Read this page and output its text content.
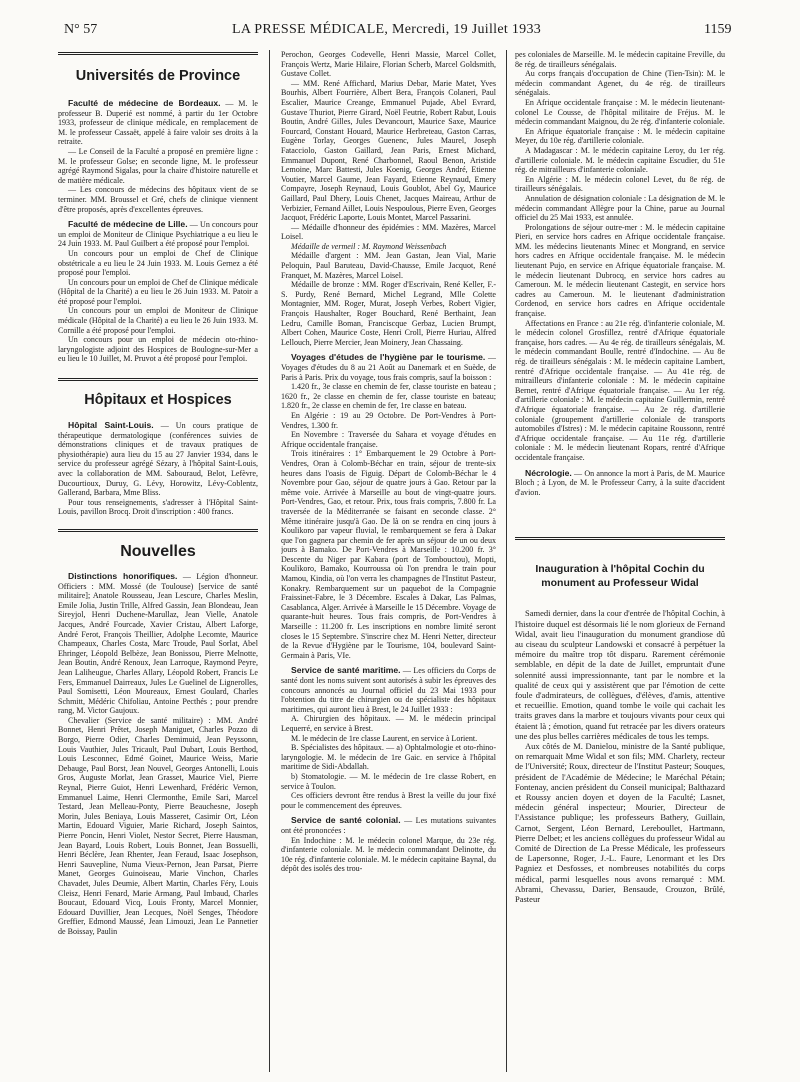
N° 57	LA PRESSE MÉDICALE, Mercredi, 19 Juillet 1933	1159

Universités de Province

Faculté de médecine de Bordeaux. — M. le professeur B. Duperié est nommé, à partir du 1er Octobre 1933, professeur de clinique médicale, en remplacement de M. le professeur Cassaët, appelé à faire valoir ses droits à la retraite.

— Le Conseil de la Faculté a proposé en première ligne : M. le professeur Golse; en seconde ligne, M. le professeur agrégé Raymond Sigalas, pour la chaire d'histoire naturelle et de matière médicale.

— Les concours de médecins des hôpitaux vient de se terminer. MM. Broussel et Gré, chefs de clinique viennent d'être proposés, après d'excellentes épreuves.

Faculté de médecine de Lille. — Un concours pour un emploi de Moniteur de Clinique Psychiatrique a eu lieu le 24 Juin 1933. M. Paul Guilbert a été proposé pour l'emploi.

Un concours pour un emploi de Chef de Clinique obstétricale a eu lieu le 24 Juin 1933. M. Louis Gernez a été proposé pour l'emploi.

Un concours pour un emploi de Chef de Clinique médicale (Hôpital de la Charité) a eu lieu le 26 Juin 1933. M. Patoir a été proposé pour l'emploi.

Un concours pour un emploi de Moniteur de Clinique médicale (Hôpital de la Charité) a eu lieu le 26 Juin 1933. M. Cornille a été proposé pour l'emploi.

Un concours pour un emploi de médecin oto-rhino-laryngologiste adjoint des Hospices de Boulogne-sur-Mer a eu lieu le 10 Juillet, M. Pruvot a été proposé pour l'emploi.

Hôpitaux et Hospices

Hôpital Saint-Louis. — Un cours pratique de thérapeutique dermatologique (conférences suivies de démonstrations cliniques et de travaux pratiques de physiothérapie) aura lieu du 15 au 27 Janvier 1934, dans le service du professeur agrégé Sézary, à l'hôpital Saint-Louis, avec la collaboration de MM. Sabouraud, Belot, Lefèvre, Ducourtioux, Duruy, G. Lévy, Horowitz, Lévy-Coblentz, Gallerand, Barbara, Mme Bliss.

Pour tous renseignements, s'adresser à l'Hôpital Saint-Louis, pavillon Brocq. Droit d'inscription : 400 francs.

Nouvelles

Distinctions honorifiques. — Légion d'honneur. Officiers : MM. Mossé (de Toulouse) [service de santé militaire]; Anatole Rousseau, Jean Lescure, Charles Meslin, Emile Jolia, Justin Trille, Alfred Gassin, Jean Blondeau, Jean Sireyjol, Henri Duchene-Marullaz, Jean Vielle, Anatole Jacques, André Fourcade, Xavier Cristau, Albert Laforge, André Ferot, François Theillier, Adolphe Lecomte, Maurice Champeaux, Charles Costa, Marc Troude, Paul Sorlat, Abel Ehringer, Léopold Belbèze, Jean Bonissou, Pierre Melnotte, Jean Boutin, André Renoux, Jean Larroque, Raymond Peyre, Jean Laliheugue, Charles Allary, Léopold Robert, Francis Le Fers, Emmanuel Dairreaux, Jules Le Guelinel de Lignerolles, Paul Somisetti, Léon Moureaux, Ernest Goulard, Charles Schmitt, Médéric Chifoliau, Antoine Pecthés ; pour prendre rang, M. Victor Gaujoux.

Chevalier (Service de santé militaire) : MM. André Bonnet, Henri Prêtet, Joseph Maniguet, Charles Pozzo di Borgo, Pierre Odier, Charles Demimuid, Jean Peyssonn, Louis Vauthier, Jules Tricault, Paul Dubart, Louis Berthod, Louis Lesconnec, Edmé Goinet, Maurice Weiss, Marie Debauge, Paul Borst, Jean Nouvel, Georges Antonelli, Louis Gros, Auguste Morlat, Jean Grasset, Maurice Viel, Pierre Reynal, Pierre Guiot, Henri Lewenhard, Frédéric Vernon, Emmanuel Laime, Henri Clermonthe, Emile Sari, Marcel Testard, Jean Melleau-Ponty, Pierre Beauchesne, Joseph Morin, Jules Beniaya, Louis Masseret, Casimir Ort, Léon Martin, Edouard Viguier, Marie Richard, Joseph Saintos, Pierre Poncin, Henri Violet, Nestor Secret, Pierre Hausman, Jean Bayard, Louis Robert, Louis Bonnet, Jean Bossuelli, Henri Béclère, Jean Rhenter, Jean Feraud, Isaac Josephson, Henri Sauvepline, Numa Vieux-Pernon, Jean Parsat, Pierre Manet, Georges Guinoiseau, Marie Vinchon, Charles Chavadet, Jules Deumie, Albert Martin, Charles Féry, Louis Cleisz, Henri Fenard, Marie Armang, Paul Imbaud, Charles Boucaut, Edouard Vicq, Louis Fronty, Marcel Monnier, Edouard Duvillier, Jean Lecques, Noël Senges, Théodore Greffier, Edmond Maussé, Jean Limouzi, Jean Le Pannetier de Boissay, Paulin

Perochon, Georges Codevelle, Henri Massie, Marcel Collet, François Wertz, Marie Hilaire, Florian Scherb, Marcel Goldsmith, Gustave Collet.

— MM. René Affichard, Marius Debar, Marie Matet, Yves Bourhis, Albert Fourrière, Albert Bera, François Colaneri, Paul Escalier, Maurice Creange, Emmanuel Pujade, Abel Evrard, Gustave Thuriot, Pierre Girard, Noël Feutrie, Robert Rabut, Louis Boutin, André Gilles, Jules Devancourt, Maurice Saxe, Maurice Fourcard, Constant Houard, Maurice Herbreteau, Gaston Carras, Eugène Torlay, Georges Guenenc, Jules Maurel, Joseph Fatacciolo, Gaston Gaillard, Jean Paris, Ernest Michard, Emmanuel Dupont, René Charbonnel, Raoul Benon, Aristide Lemoine, Marc Battesti, Jules Koenig, Georges André, Etienne Voutier, Marcel Gaume, Jean Fayard, Etienne Reynaud, Emery Compayre, Joseph Reynaud, Louis Goublot, Abel Gy, Maurice Gaillard, Paul Dhery, Louis Chenet, Jacques Maireau, Arthur de Verbizier, Fernand Aillet, Louis Nespoulous, Pierre Even, Georges Jacquot, Frédéric Laporte, Louis Montet, Marcel Passarini.

— Médaille d'honneur des épidémies : MM. Mazères, Marcel Loisel.

Médaille de vermeil : M. Raymond Weissenbach

Médaille d'argent : MM. Jean Gastan, Jean Vial, Marie Peloquin, Paul Baruteau, David-Chausse, Emile Jacquot, René Franquet, M. Mazères, Marcel Loisel.

Médaille de bronze : MM. Roger d'Escrivain, René Keller, F.-S. Purdy, René Bernard, Michel Legrand, Mlle Colette Montagnier, MM. Roger, Murat, Joseph Verbes, Robert Vigier, François Haushalter, Roger Bouchard, René Berthaint, Jean Ledru, Camille Boman, Franciscque Gerbaz, Lucien Brumpt, Albert Cohen, Maurice Coste, Henri Croll, Pierre Huriau, Alfred Lellouch, Pierre Mercier, Jean Moinery, Jean Chassaing.

Voyages d'études de l'hygiène par le tourisme. — Voyages d'études du 8 au 21 Août au Danemark et en Suède, de Paris à Paris. Prix du voyage, tous frais compris, sauf la boisson :

1.420 fr., 3e classe en chemin de fer, classe touriste en bateau ; 1620 fr., 2e classe en chemin de fer, classe touriste en bateau; 1.820 fr., 2e classe en chemin de fer, 1re classe en bateau.

En Algérie : 19 au 29 Octobre. De Port-Vendres à Port-Vendres, 1.300 fr.

En Novembre : Traversée du Sahara et voyage d'études en Afrique occidentale française.

Trois itinéraires : 1° Embarquement le 29 Octobre à Port-Vendres, Oran à Colomb-Béchar en train, séjour de trente-six heures dans l'oasis de Figuig. Départ de Colomb-Béchar le 4 Novembre pour Gao, séjour de quatre jours à Gao. Retour par la même voie. Arrivée à Marseille au bout de vingt-quatre jours. Port-Vendres, Gao, et retour. Prix, tous frais compris, 7.800 fr. La traversée de la Méditerranée se faisant en seconde classe. 2° Même itinéraire jusqu'à Gao. De là on se rendra en cinq jours à Koulikoro par vapeur fluvial, le rembarquement se fera à Dakar que l'on gagnera par chemin de fer après un séjour de un ou deux jours à Bamako. De Port-Vendres à Marseille : 10.200 fr. 3° Descente du Niger par Kabara (port de Tombouctou), Mopti, Koulikoro, Bamako, Kourroussa où l'on prendra le train pour Mamou, Kindia, où l'on verra les champagnes de l'Institut Pasteur, Konakry. Rembarquement sur un paquebot de la Compagnie Fraissinet-Fabre, le 3 Décembre. Escales à Dakar, Las Palmas, Casablanca, Alger. Arrivée à Marseille le 15 Décembre. Voyage de quarante-huit heures. Tous frais compris, de Port-Vendres à Marseille : 11.200 fr. Les inscriptions en nombre limité seront closes le 15 Septembre. S'inscrire chez M. Henri Netter, directeur de la Revue d'Hygiène par le Tourisme, 104, boulevard Saint-Germain à Paris, VIe.

Service de santé maritime. — Les officiers du Corps de santé dont les noms suivent sont autorisés à subir les épreuves des concours annoncés au Journal officiel du 23 Mai 1933 pour l'obtention du titre de chirurgien ou de spécialiste des hôpitaux maritimes, qui auront lieu à Brest, le 24 Juillet 1933 :

A. Chirurgien des hôpitaux. — M. le médecin principal Lequerré, en service à Brest.

M. le médecin de 1re classe Laurent, en service à Lorient.

B. Spécialistes des hôpitaux. — a) Ophtalmologie et oto-rhino-laryngologie. M. le médecin de 1re Gaic. en service à l'hôpital maritime de Sidi-Abdallah.

b) Stomatologie. — M. le médecin de 1re classe Robert, en service à Toulon.

Ces officiers devront être rendus à Brest la veille du jour fixé pour le commencement des épreuves.

Service de santé colonial. — Les mutations suivantes ont été prononcées :

En Indochine : M. le médecin colonel Marque, du 23e rég. d'infanterie coloniale. M. le médecin commandant Delinotte, du 10e rég. d'infanterie coloniale. M. le médecin capitaine Baynal, du dépôt des isolés des trou-

pes coloniales de Marseille. M. le médecin capitaine Freville, du 8e rég. de tirailleurs sénégalais.

Au corps français d'occupation de Chine (Tien-Tsin): M. le médecin commandant Agenet, du 4e rég. de tirailleurs sénégalais.

En Afrique occidentale française : M. le médecin lieutenant-colonel Le Cousse, de l'hôpital militaire de Fréjus. M. le médecin commandant Maignou, du 2e rég. d'infanterie coloniale.

En Afrique équatoriale française : M. le médecin capitaine Meyer, du 10e rég. d'artillerie coloniale.

A Madagascar : M. le médecin capitaine Leroy, du 1er rég. d'artillerie coloniale. M. le médecin capitaine Escudier, du 51e rég. de mitrailleurs d'infanterie coloniale.

En Algérie : M. le médecin colonel Levet, du 8e rég. de tirailleurs sénégalais.

Annulation de désignation coloniale : La désignation de M. le médecin commandant Allègre pour la Chine, parue au Journal officiel du 25 Mai 1933, est annulée.

Prolongations de séjour outre-mer : M. le médecin capitaine Pieri, en service hors cadres en Afrique occidentale française. MM. les médecins lieutenants Minec et Mongrand, en service hors cadres en Afrique occidentale française. M. le médecin lieutenant Pujo, en service en Afrique équatoriale française. M. le médecin lieutenant Dubrocq, en service hors cadres au Cameroun. M. le médecin lieutenant Castegit, en service hors cadres au Cameroun. M. le lieutenant d'administration Cordenod, en service hors cadres en Afrique occidentale française.

Affectations en France : au 21e rég. d'infanterie coloniale, M. le médecin colonel Grosfillez, rentré d'Afrique équatoriale française, hors cadres. — Au 4e rég. de tirailleurs sénégalais, M. le médecin commandant Boulle, rentré d'Indochine. — Au 8e rég. de tirailleurs sénégalais : M. le médecin capitaine Lambert, rentré d'Afrique occidentale française. — Au 41e rég. de mitrailleurs d'infanterie coloniale : M. le médecin capitaine Bernet, rentré d'Afrique équatoriale française. — Au 1er rég. d'artillerie coloniale : M. le médecin capitaine Guillermin, rentré d'Afrique équatoriale française. — Au 2e rég. d'artillerie coloniale (groupement d'artillerie coloniale de transports automobiles d'Istres) : M. le médecin capitaine Roussonn, rentré d'Afrique occidentale française. — Au 11e rég. d'artillerie coloniale : M. le médecin lieutenant Ropars, rentré d'Afrique occidentale française.

Nécrologie. — On annonce la mort à Paris, de M. Maurice Bloch ; à Lyon, de M. le Professeur Carry, à la suite d'accident d'avion.

Inauguration à l'hôpital Cochin du monument au Professeur Widal

Samedi dernier, dans la cour d'entrée de l'hôpital Cochin, à l'histoire duquel est désormais lié le nom glorieux de Fernand Widal, avait lieu l'inauguration du monument grandiose dû au ciseau du sculpteur Landowski et consacré à perpétuer la mémoire du maître trop tôt disparu. Rarement cérémonie semblable, en dépit de la date de Juillet, empruntait d'une solennité aussi impressionnante, tant par le nombre et la qualité de ceux qui y assistèrent que par l'émotion de cette foule d'admirateurs, de collègues, d'élèves, d'amis, attentive et recueillie. Emotion, quand tombe le voile qui cachait les traits graves dans la marbre et toujours vivants pour ceux qui étaient là ; émotion, quand fut retracée par les divers orateurs une des plus belles carrières médicales de tous les temps.

Aux côtés de M. Danielou, ministre de la Santé publique, on remarquait Mme Widal et son fils; MM. Charlety, recteur de l'Université; Roux, directeur de l'Institut Pasteur; Souques, président de l'Académie de Médecine; le Maréchal Pétain; Fontenay, ancien président du Conseil municipal; Balthazard et Roussy ancien doyen et doyen de la Faculté; Lasnet, médecin général inspecteur; Mourier, Directeur de l'Assistance publique; les professeurs Bathery, Guillain, Carnot, Sergent, Léon Bernard, Lereboullet, Hartmann, Pierre Delbet; et les anciens collègues du professeur Widal au Comité de Direction de La Presse Médicale, les professeurs de Lapersonne, Roger, J.-L. Faure, Lenormant et les Drs Pagniez et Desfosses, et nombreuses notabilités du corps médical, parmi lesquelles nous avons remarqué : MM. Abrami, Chevassu, Darier, Bensaude, Crouzon, Brûlé, Pasteur
